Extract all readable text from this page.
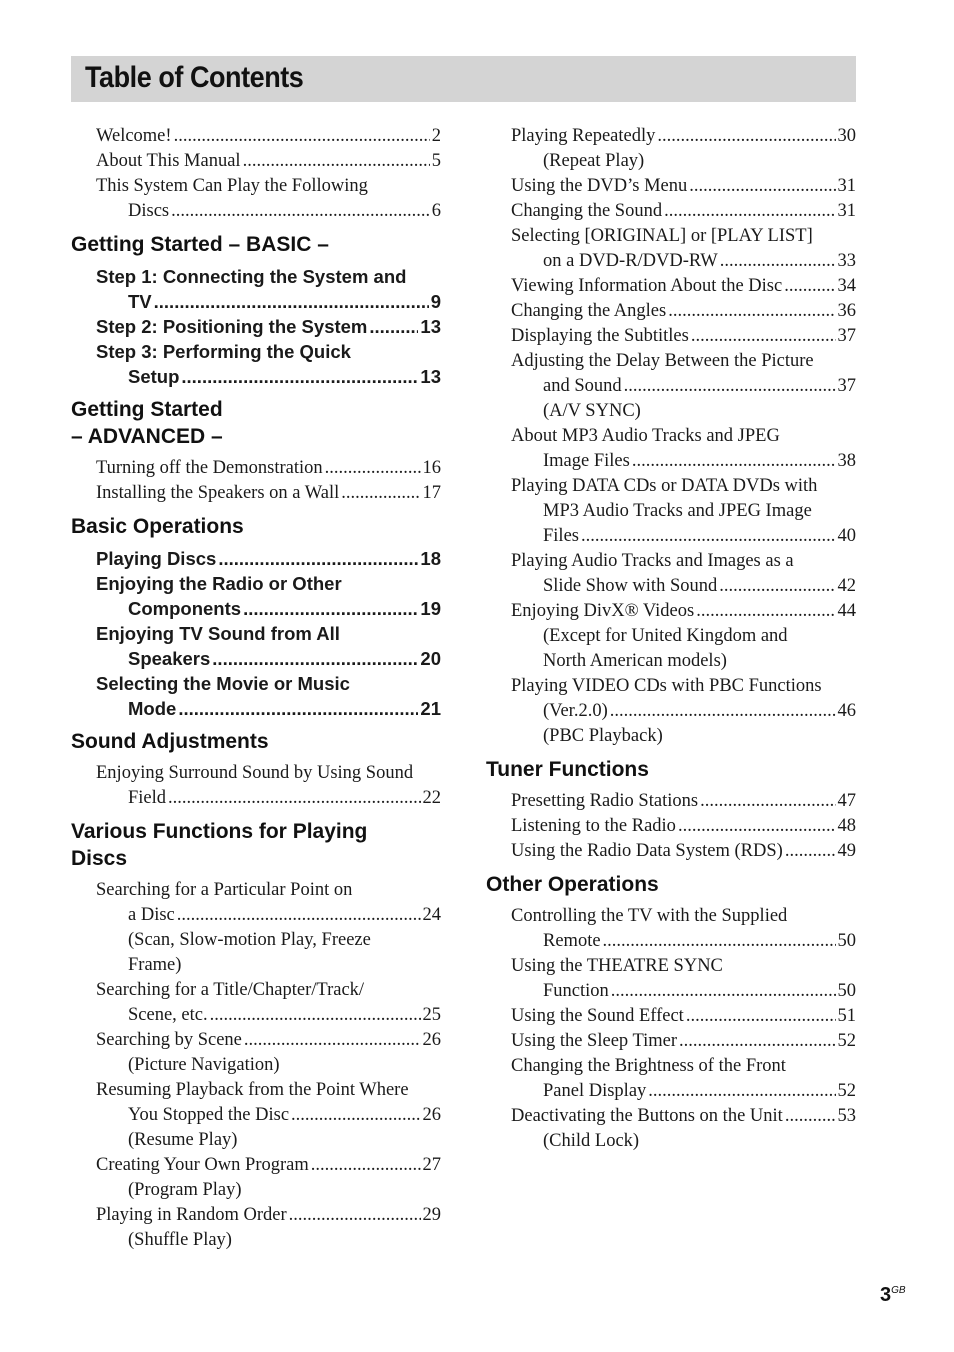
Table of Contents
Welcome! .....	2
About This Manual .....	5
This System Can Play the Following
Discs .....	6
Getting Started – BASIC –
Step 1: Connecting the System and
TV .....	9
Step 2: Positioning the System .....	13
Step 3: Performing the Quick
Setup .....	13
Getting Started
– ADVANCED –
Turning off the Demonstration .....	16
Installing the Speakers on a Wall .....	17
Basic Operations
Playing Discs .....	18
Enjoying the Radio or Other
Components .....	19
Enjoying TV Sound from All
Speakers .....	20
Selecting the Movie or Music
Mode .....	21
Sound Adjustments
Enjoying Surround Sound by Using Sound
Field .....	22
Various Functions for Playing
Discs
Searching for a Particular Point on
a Disc .....	24
(Scan, Slow-motion Play, Freeze
Frame)
Searching for a Title/Chapter/Track/
Scene, etc. .....	25
Searching by Scene .....	26
(Picture Navigation)
Resuming Playback from the Point Where
You Stopped the Disc .....	26
(Resume Play)
Creating Your Own Program .....	27
(Program Play)
Playing in Random Order .....	29
(Shuffle Play)
Playing Repeatedly .....	30
(Repeat Play)
Using the DVD’s Menu .....	31
Changing the Sound .....	31
Selecting [ORIGINAL] or [PLAY LIST]
on a DVD-R/DVD-RW .....	33
Viewing Information About the Disc .....	34
Changing the Angles .....	36
Displaying the Subtitles .....	37
Adjusting the Delay Between the Picture
and Sound .....	37
(A/V SYNC)
About MP3 Audio Tracks and JPEG
Image Files .....	38
Playing DATA CDs or DATA DVDs with
MP3 Audio Tracks and JPEG Image
Files .....	40
Playing Audio Tracks and Images as a
Slide Show with Sound .....	42
Enjoying DivX® Videos .....	44
(Except for United Kingdom and
North American models)
Playing VIDEO CDs with PBC Functions
(Ver.2.0) .....	46
(PBC Playback)
Tuner Functions
Presetting Radio Stations .....	47
Listening to the Radio .....	48
Using the Radio Data System (RDS) .....	49
Other Operations
Controlling the TV with the Supplied
Remote .....	50
Using the THEATRE SYNC
Function .....	50
Using the Sound Effect .....	51
Using the Sleep Timer .....	52
Changing the Brightness of the Front
Panel Display .....	52
Deactivating the Buttons on the Unit .....	53
(Child Lock)
$3^{GB}$
